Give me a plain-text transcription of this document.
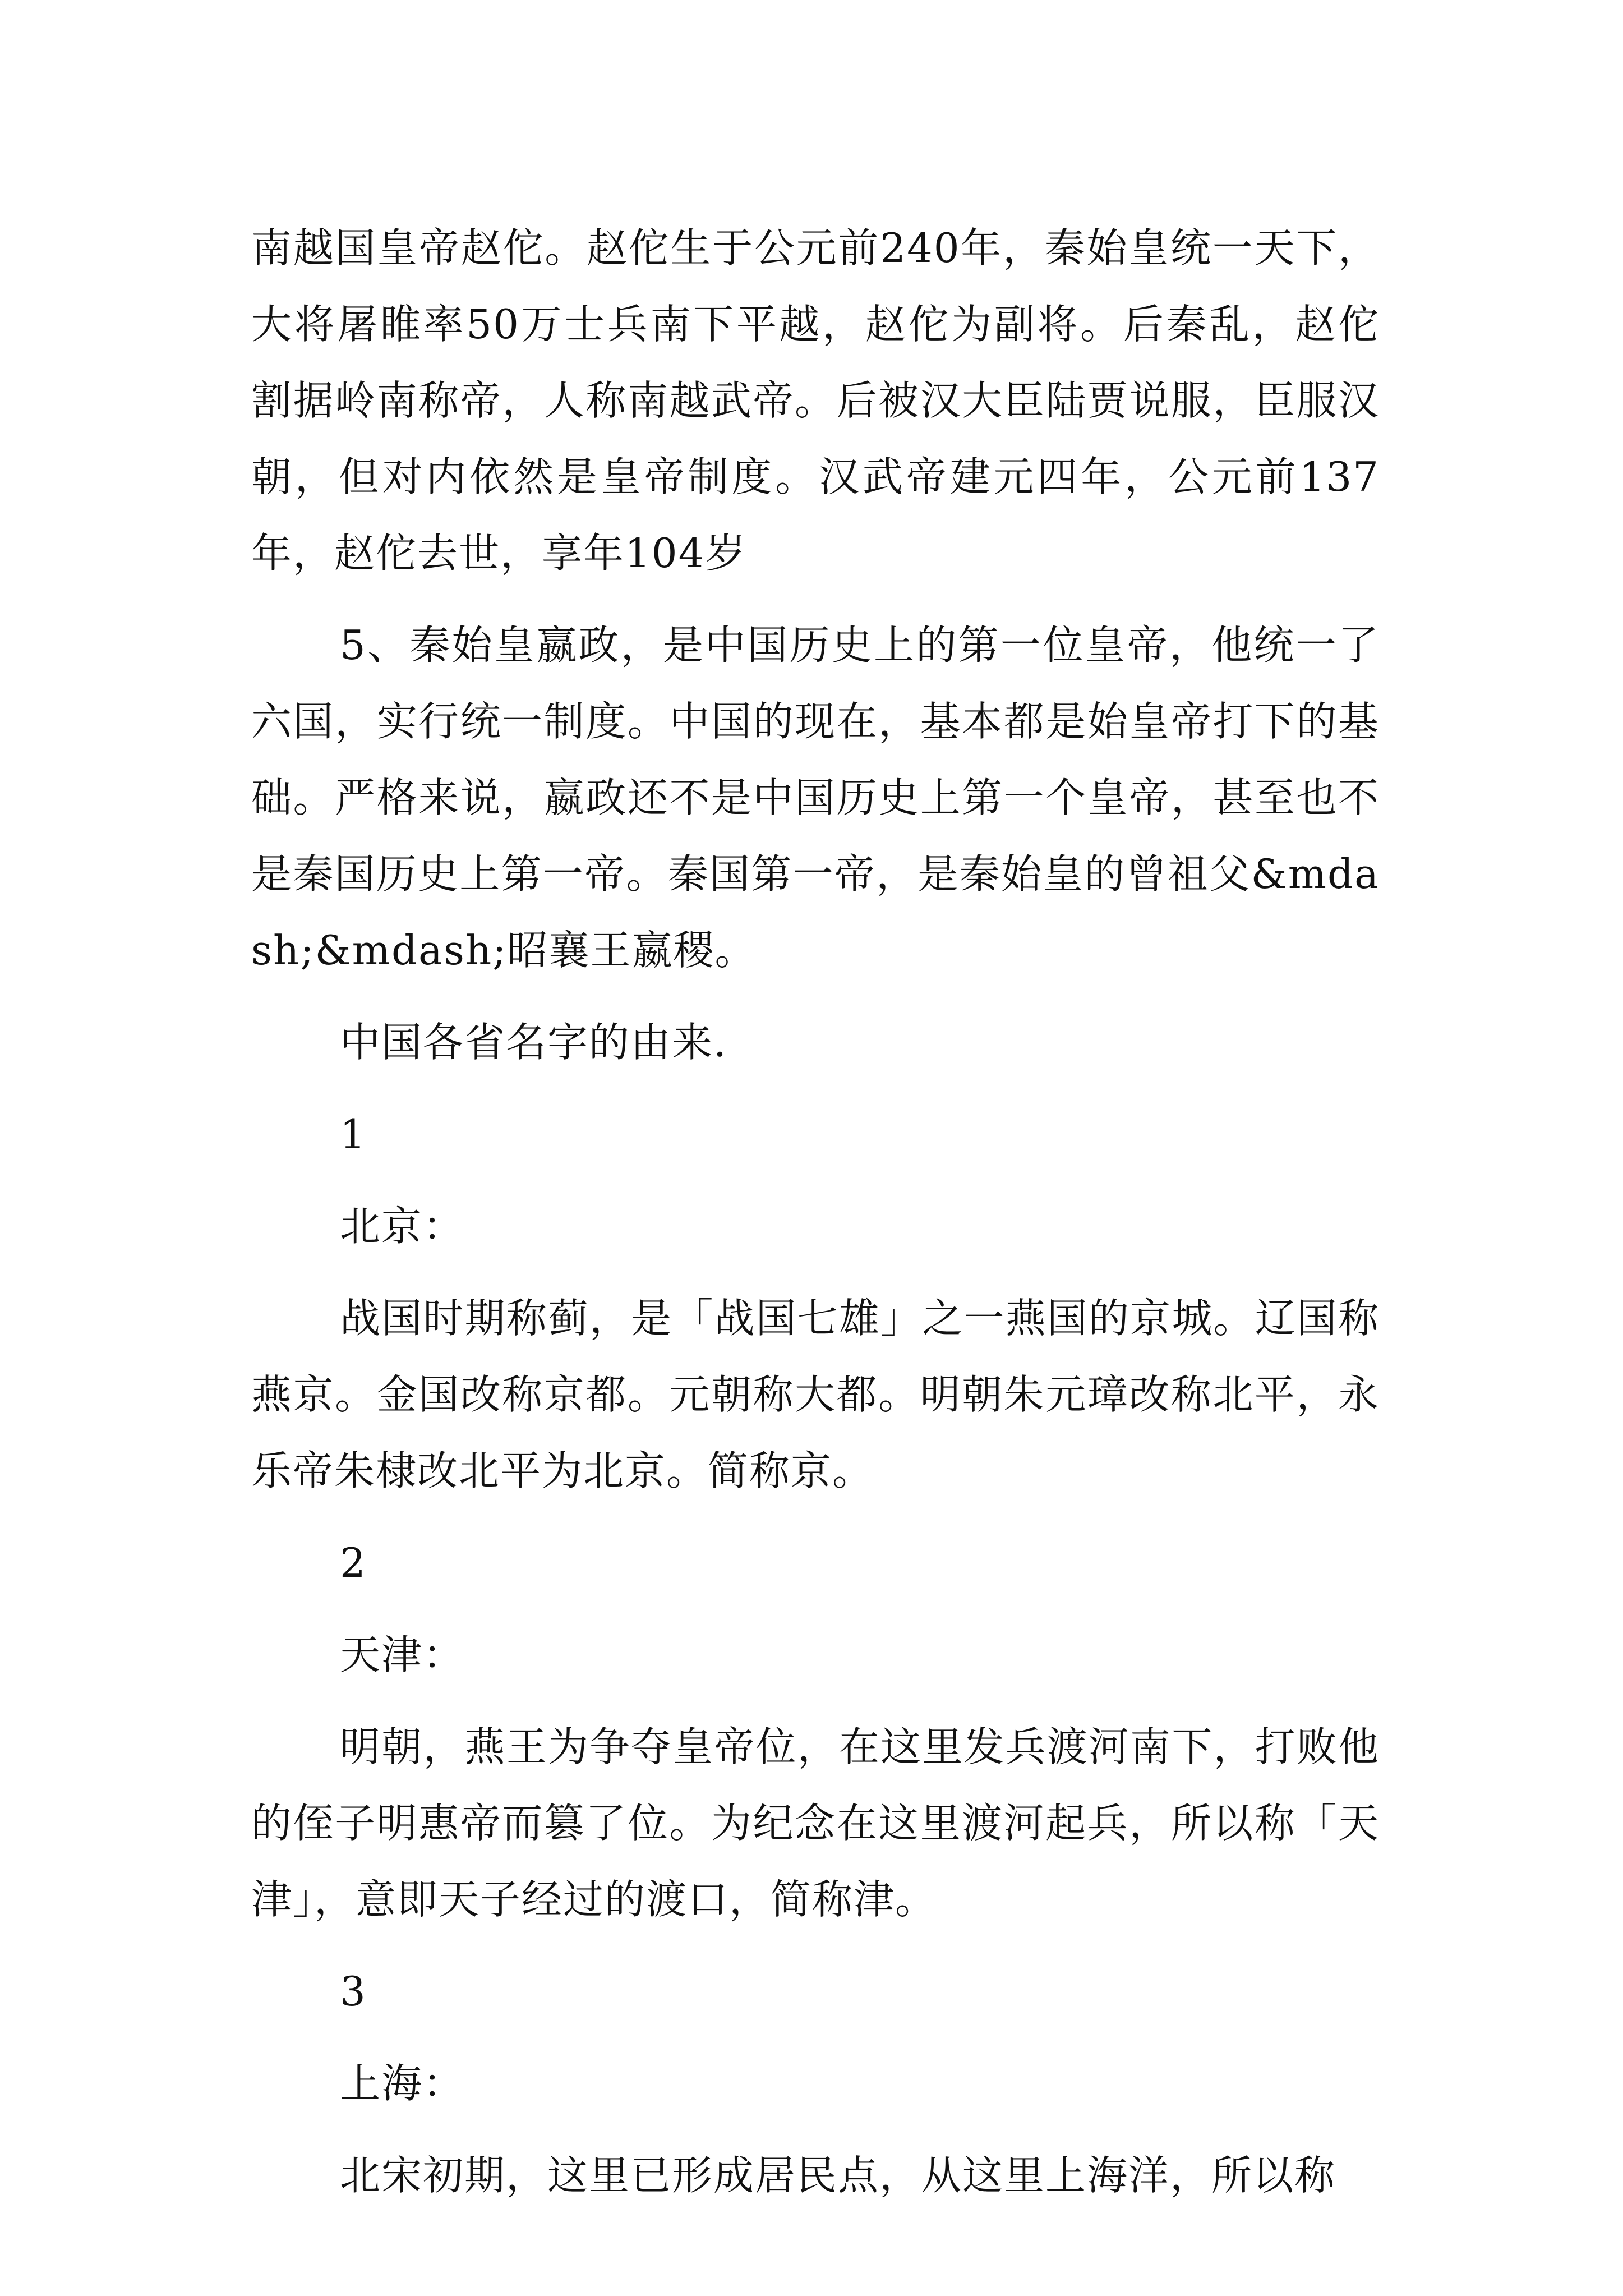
南越国皇帝赵佗。赵佗生于公元前240年，秦始皇统一天下，大将屠睢率50万士兵南下平越，赵佗为副将。后秦乱，赵佗割据岭南称帝，人称南越武帝。后被汉大臣陆贾说服，臣服汉朝，但对内依然是皇帝制度。汉武帝建元四年，公元前137年，赵佗去世，享年104岁

5、秦始皇嬴政，是中国历史上的第一位皇帝，他统一了六国，实行统一制度。中国的现在，基本都是始皇帝打下的基础。严格来说，嬴政还不是中国历史上第一个皇帝，甚至也不是秦国历史上第一帝。秦国第一帝，是秦始皇的曾祖父&mdash;&mdash;昭襄王嬴稷。

中国各省名字的由来.

1

北京：

战国时期称蓟，是「战国七雄」之一燕国的京城。辽国称燕京。金国改称京都。元朝称大都。明朝朱元璋改称北平，永乐帝朱棣改北平为北京。简称京。

2

天津：

明朝，燕王为争夺皇帝位，在这里发兵渡河南下，打败他的侄子明惠帝而篡了位。为纪念在这里渡河起兵，所以称「天津」，意即天子经过的渡口，简称津。

3

上海：

北宋初期，这里已形成居民点，从这里上海洋，所以称
